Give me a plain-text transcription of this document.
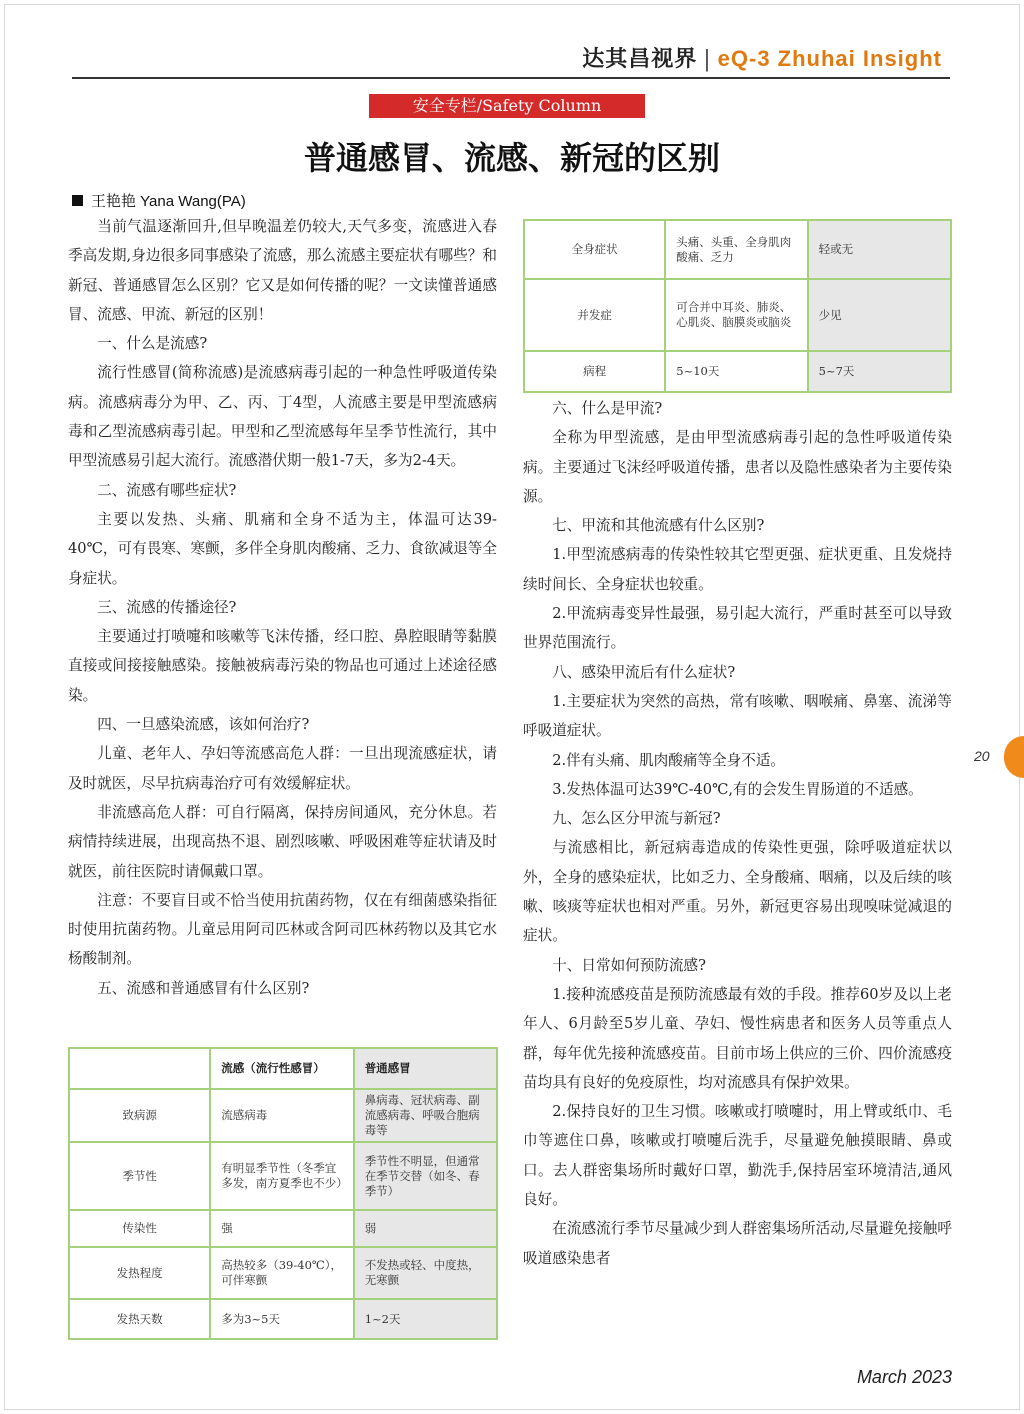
达其昌视界 | eQ-3 Zhuhai Insight
安全专栏/Safety Column
普通感冒、流感、新冠的区别
王艳艳 Yana Wang(PA)

当前气温逐渐回升,但早晚温差仍较大,天气多变，流感进入春季高发期,身边很多同事感染了流感，那么流感主要症状有哪些？和新冠、普通感冒怎么区别？它又是如何传播的呢？一文读懂普通感冒、流感、甲流、新冠的区别！

一、什么是流感?

流行性感冒(简称流感)是流感病毒引起的一种急性呼吸道传染病。流感病毒分为甲、乙、丙、丁4型，人流感主要是甲型流感病毒和乙型流感病毒引起。甲型和乙型流感每年呈季节性流行，其中甲型流感易引起大流行。流感潜伏期一般1-7天，多为2-4天。

二、流感有哪些症状?

主要以发热、头痛、肌痛和全身不适为主，体温可达39-40℃，可有畏寒、寒颤，多伴全身肌肉酸痛、乏力、食欲减退等全身症状。

三、流感的传播途径?

主要通过打喷嚏和咳嗽等飞沫传播，经口腔、鼻腔眼睛等黏膜直接或间接接触感染。接触被病毒污染的物品也可通过上述途径感染。

四、一旦感染流感，该如何治疗?

儿童、老年人、孕妇等流感高危人群：一旦出现流感症状，请及时就医，尽早抗病毒治疗可有效缓解症状。

非流感高危人群：可自行隔离，保持房间通风，充分休息。若病情持续进展，出现高热不退、剧烈咳嗽、呼吸困难等症状请及时就医，前往医院时请佩戴口罩。

注意：不要盲目或不恰当使用抗菌药物，仅在有细菌感染指征时使用抗菌药物。儿童忌用阿司匹林或含阿司匹林药物以及其它水杨酸制剂。

五、流感和普通感冒有什么区别?

	流感（流行性感冒）	普通感冒
致病源	流感病毒	鼻病毒、冠状病毒、副流感病毒、呼吸合胞病毒等
季节性	有明显季节性（冬季宜多发，南方夏季也不少）	季节性不明显，但通常在季节交替（如冬、春季节）
传染性	强	弱
发热程度	高热较多（39-40℃），可伴寒颤	不发热或轻、中度热，无寒颤
发热天数	多为3~5天	1~2天
全身症状	头痛、头重、全身肌肉酸痛、乏力	轻或无
并发症	可合并中耳炎、肺炎、心肌炎、脑膜炎或脑炎	少见
病程	5~10天	5~7天

六、什么是甲流?

全称为甲型流感，是由甲型流感病毒引起的急性呼吸道传染病。主要通过飞沫经呼吸道传播，患者以及隐性感染者为主要传染源。

七、甲流和其他流感有什么区别?

1.甲型流感病毒的传染性较其它型更强、症状更重、且发烧持续时间长、全身症状也较重。

2.甲流病毒变异性最强，易引起大流行，严重时甚至可以导致世界范围流行。

八、感染甲流后有什么症状?

1.主要症状为突然的高热，常有咳嗽、咽喉痛、鼻塞、流涕等呼吸道症状。

2.伴有头痛、肌肉酸痛等全身不适。

3.发热体温可达39℃-40℃,有的会发生胃肠道的不适感。

九、怎么区分甲流与新冠?

与流感相比，新冠病毒造成的传染性更强，除呼吸道症状以外，全身的感染症状，比如乏力、全身酸痛、咽痛，以及后续的咳嗽、咳痰等症状也相对严重。另外，新冠更容易出现嗅味觉减退的症状。

十、日常如何预防流感?

1.接种流感疫苗是预防流感最有效的手段。推荐60岁及以上老年人、6月龄至5岁儿童、孕妇、慢性病患者和医务人员等重点人群，每年优先接种流感疫苗。目前市场上供应的三价、四价流感疫苗均具有良好的免疫原性，均对流感具有保护效果。

2.保持良好的卫生习惯。咳嗽或打喷嚏时，用上臂或纸巾、毛巾等遮住口鼻，咳嗽或打喷嚏后洗手，尽量避免触摸眼睛、鼻或口。去人群密集场所时戴好口罩，勤洗手,保持居室环境清洁,通风良好。

在流感流行季节尽量减少到人群密集场所活动,尽量避免接触呼吸道感染患者

20
March 2023
